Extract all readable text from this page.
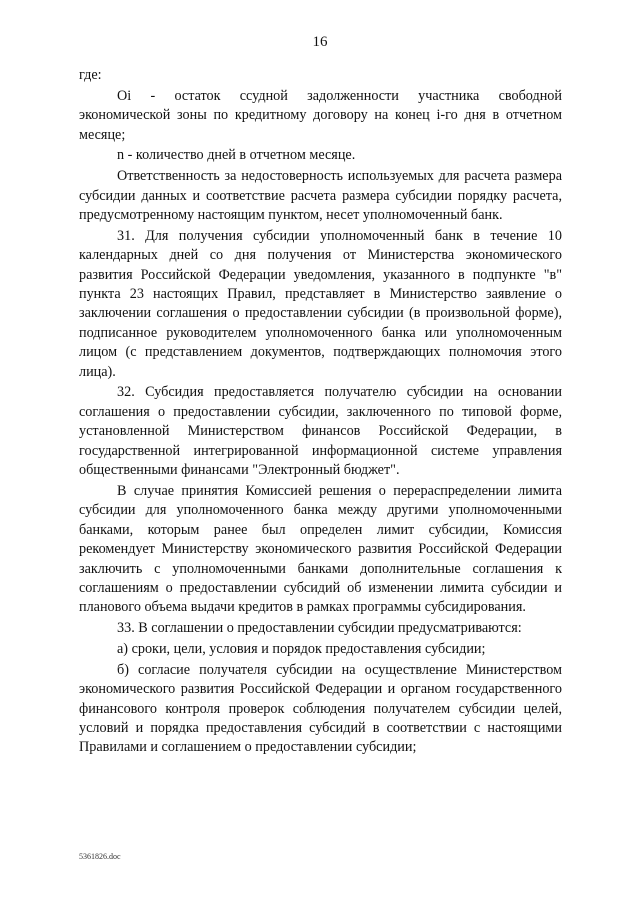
16

где:

Oi - остаток ссудной задолженности участника свободной экономической зоны по кредитному договору на конец i-го дня в отчетном месяце;

n - количество дней в отчетном месяце.

Ответственность за недостоверность используемых для расчета размера субсидии данных и соответствие расчета размера субсидии порядку расчета, предусмотренному настоящим пунктом, несет уполномоченный банк.

31. Для получения субсидии уполномоченный банк в течение 10 календарных дней со дня получения от Министерства экономического развития Российской Федерации уведомления, указанного в подпункте "в" пункта 23 настоящих Правил, представляет в Министерство заявление о заключении соглашения о предоставлении субсидии (в произвольной форме), подписанное руководителем уполномоченного банка или уполномоченным лицом (с представлением документов, подтверждающих полномочия этого лица).

32. Субсидия предоставляется получателю субсидии на основании соглашения о предоставлении субсидии, заключенного по типовой форме, установленной Министерством финансов Российской Федерации, в государственной интегрированной информационной системе управления общественными финансами "Электронный бюджет".

В случае принятия Комиссией решения о перераспределении лимита субсидии для уполномоченного банка между другими уполномоченными банками, которым ранее был определен лимит субсидии, Комиссия рекомендует Министерству экономического развития Российской Федерации заключить с уполномоченными банками дополнительные соглашения к соглашениям о предоставлении субсидий об изменении лимита субсидии и планового объема выдачи кредитов в рамках программы субсидирования.

33. В соглашении о предоставлении субсидии предусматриваются:

а) сроки, цели, условия и порядок предоставления субсидии;

б) согласие получателя субсидии на осуществление Министерством экономического развития Российской Федерации и органом государственного финансового контроля проверок соблюдения получателем субсидии целей, условий и порядка предоставления субсидий в соответствии с настоящими Правилами и соглашением о предоставлении субсидии;

5361826.doc
